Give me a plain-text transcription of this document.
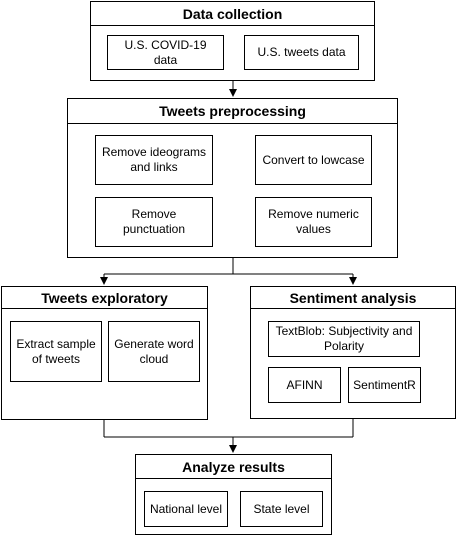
Data collection
U.S. COVID-19 data
U.S. tweets data
Tweets preprocessing
Remove ideograms and links
Convert to lowcase
Remove punctuation
Remove numeric values
Tweets exploratory
Extract sample of tweets
Generate word cloud
Sentiment analysis
TextBlob: Subjectivity and Polarity
AFINN	SentimentR
Analyze results
National level	State level
